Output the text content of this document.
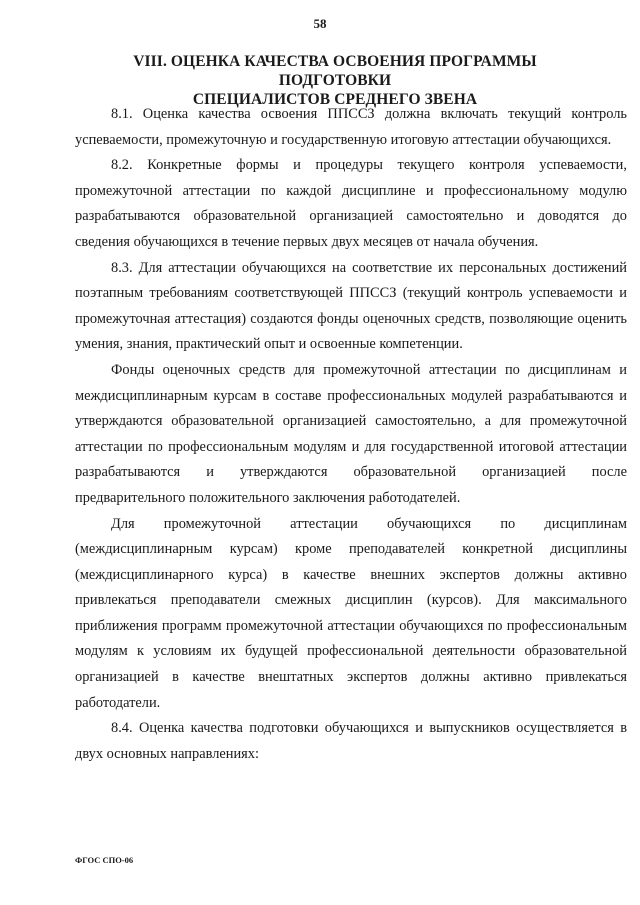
58
VIII. ОЦЕНКА КАЧЕСТВА ОСВОЕНИЯ ПРОГРАММЫ ПОДГОТОВКИ
СПЕЦИАЛИСТОВ СРЕДНЕГО ЗВЕНА

8.1. Оценка качества освоения ППССЗ должна включать текущий контроль успеваемости, промежуточную и государственную итоговую аттестации обучающихся.

8.2. Конкретные формы и процедуры текущего контроля успеваемости, промежуточной аттестации по каждой дисциплине и профессиональному модулю разрабатываются образовательной организацией самостоятельно и доводятся до сведения обучающихся в течение первых двух месяцев от начала обучения.

8.3. Для аттестации обучающихся на соответствие их персональных достижений поэтапным требованиям соответствующей ППССЗ (текущий контроль успеваемости и промежуточная аттестация) создаются фонды оценочных средств, позволяющие оценить умения, знания, практический опыт и освоенные компетенции.

Фонды оценочных средств для промежуточной аттестации по дисциплинам и междисциплинарным курсам в составе профессиональных модулей разрабатываются и утверждаются образовательной организацией самостоятельно, а для промежуточной аттестации по профессиональным модулям и для государственной итоговой аттестации разрабатываются и утверждаются образовательной организацией после предварительного положительного заключения работодателей.

Для промежуточной аттестации обучающихся по дисциплинам (междисциплинарным курсам) кроме преподавателей конкретной дисциплины (междисциплинарного курса) в качестве внешних экспертов должны активно привлекаться преподаватели смежных дисциплин (курсов). Для максимального приближения программ промежуточной аттестации обучающихся по профессиональным модулям к условиям их будущей профессиональной деятельности образовательной организацией в качестве внештатных экспертов должны активно привлекаться работодатели.

8.4. Оценка качества подготовки обучающихся и выпускников осуществляется в двух основных направлениях:

ФГОС СПО-06
